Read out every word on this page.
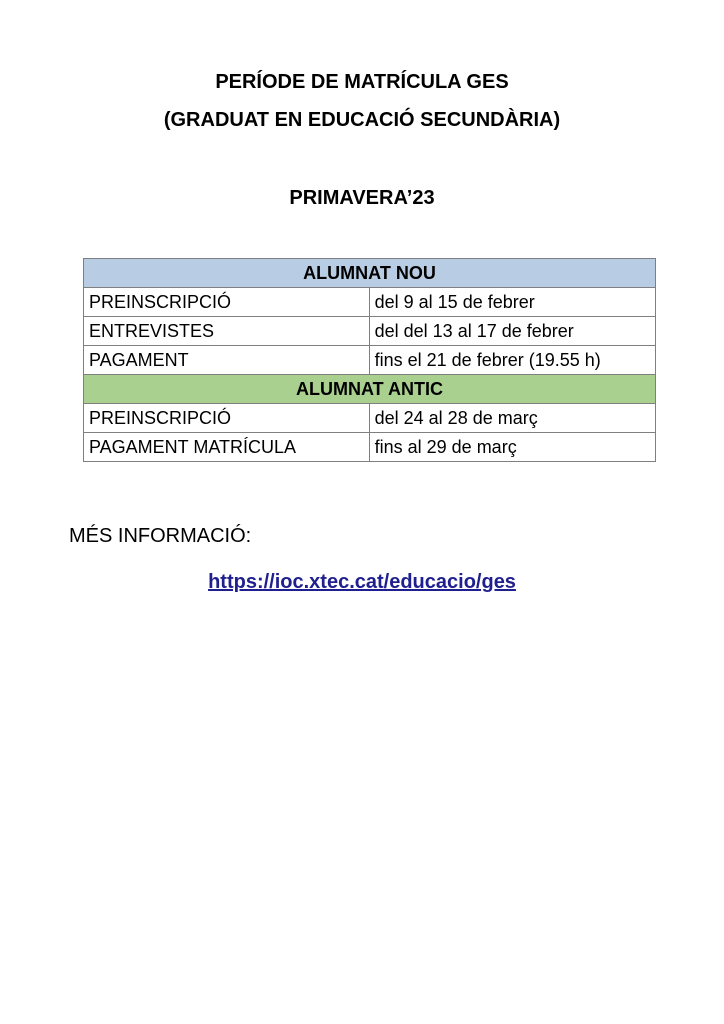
PERÍODE DE MATRÍCULA GES
(GRADUAT EN EDUCACIÓ SECUNDÀRIA)
PRIMAVERA’23
ALUMNAT NOU	
PREINSCRIPCIÓ	del 9 al 15 de febrer
ENTREVISTES	del del 13 al 17 de febrer
PAGAMENT	fins el 21 de febrer (19.55 h)
ALUMNAT ANTIC	
PREINSCRIPCIÓ	del 24 al 28 de març
PAGAMENT MATRÍCULA	fins al 29 de març
MÉS INFORMACIÓ:
https://ioc.xtec.cat/educacio/ges
